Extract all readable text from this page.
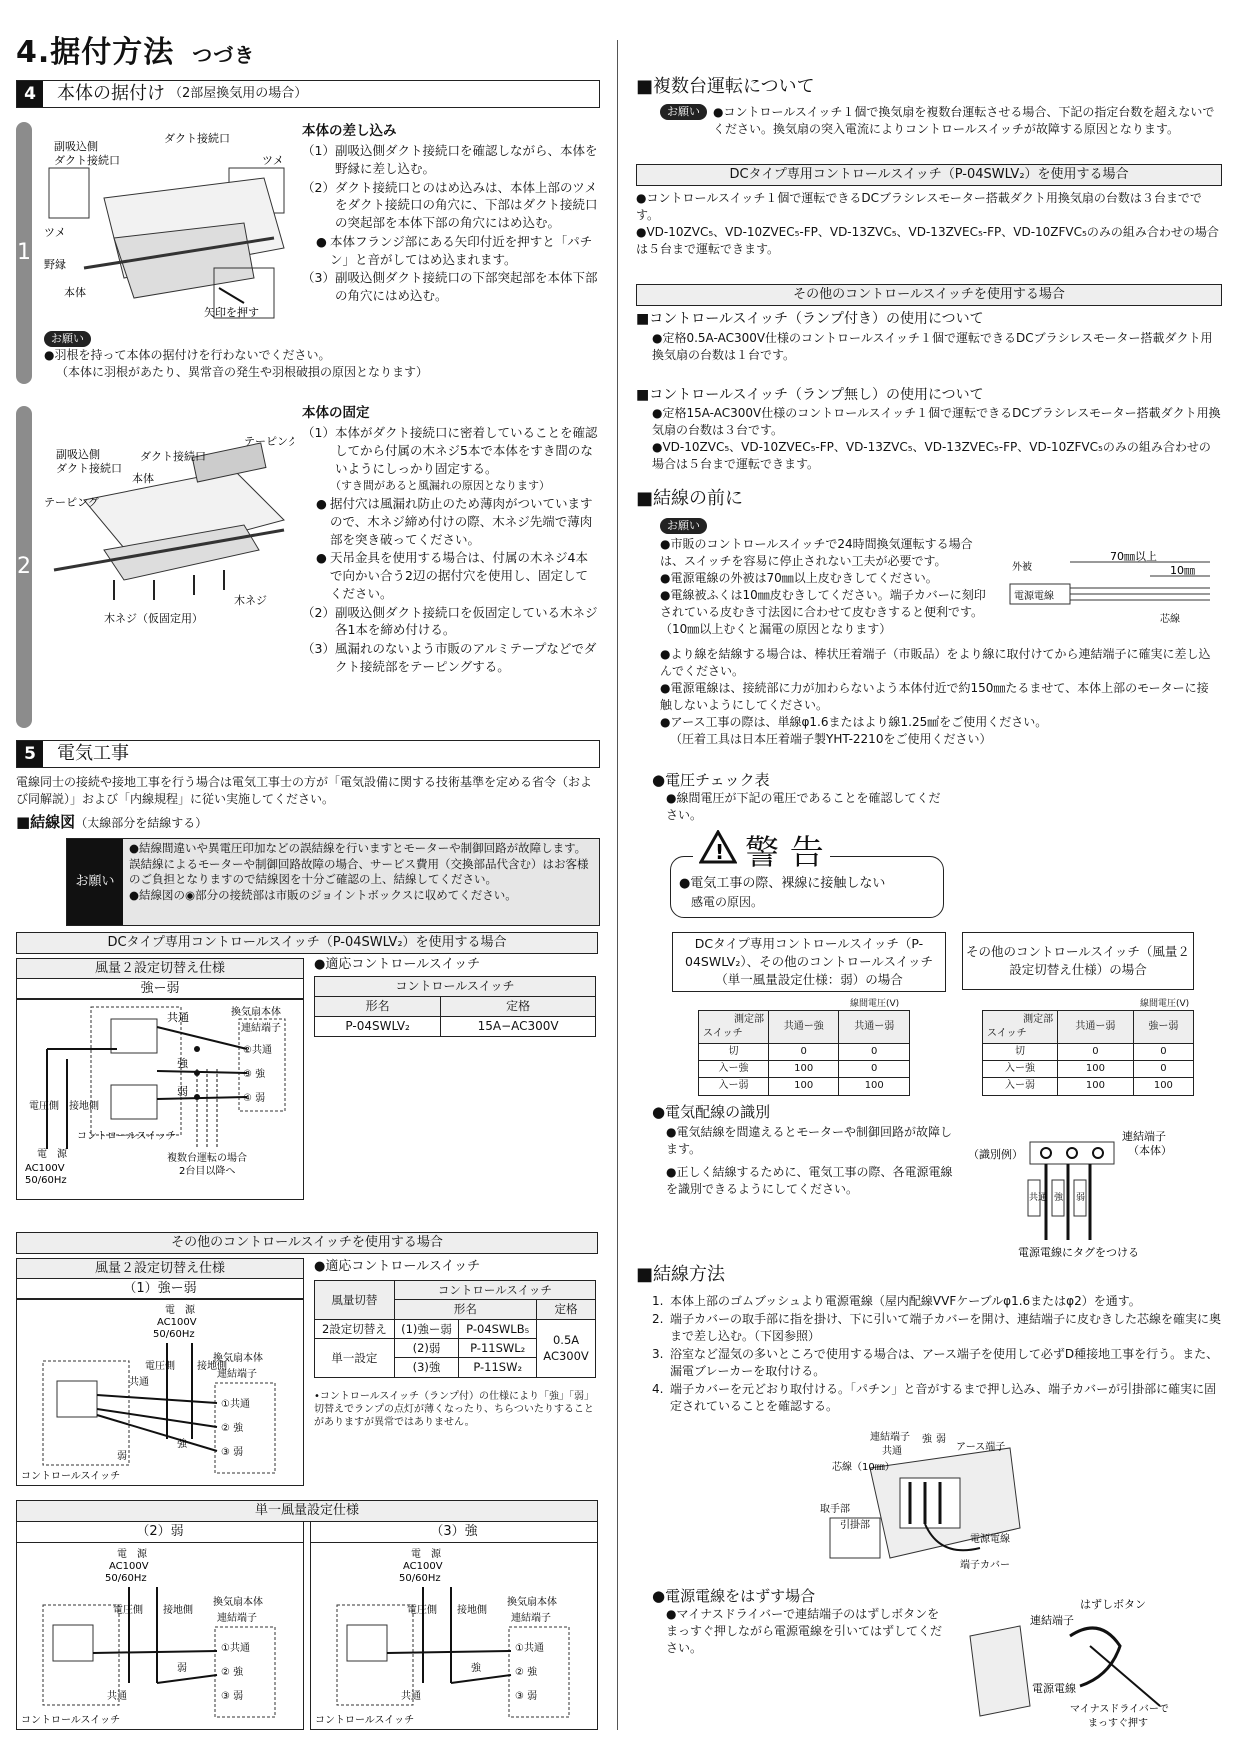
4.据付方法 つづき
4	本体の据付け （2部屋換気用の場合）
1
副吸込側
ダクト接続口
ダクト接続口
ツメ
ツメ
野縁
本体
矢印を押す
本体の差し込み
（1） 副吸込側ダクト接続口を確認しながら、本体を野縁に差し込む。
（2） ダクト接続口とのはめ込みは、本体上部のツメをダクト接続口の角穴に、下部はダクト接続口の突起部を本体下部の角穴にはめ込む。
● 本体フランジ部にある矢印付近を押すと「パチン」と音がしてはめ込まれます。
（3） 副吸込側ダクト接続口の下部突起部を本体下部の角穴にはめ込む。
お願い
●羽根を持って本体の据付けを行わないでください。
（本体に羽根があたり、異常音の発生や羽根破損の原因となります）
2
副吸込側
ダクト接続口
ダクト接続口
本体
テーピング
テーピング
木ネジ
木ネジ（仮固定用）
本体の固定
（1） 本体がダクト接続口に密着していることを確認してから付属の木ネジ5本で本体をすき間のないようにしっかり固定する。
（すき間があると風漏れの原因となります）
● 据付穴は風漏れ防止のため薄肉がついていますので、木ネジ締め付けの際、木ネジ先端で薄肉部を突き破ってください。
● 天吊金具を使用する場合は、付属の木ネジ4本で向かい合う2辺の据付穴を使用し、固定してください。
（2） 副吸込側ダクト接続口を仮固定している木ネジ各1本を締め付ける。
（3） 風漏れのないよう市販のアルミテープなどでダクト接続部をテーピングする。
5	電気工事
電線同士の接続や接地工事を行う場合は電気工事士の方が「電気設備に関する技術基準を定める省令（および同解説）」および「内線規程」に従い実施してください。
■結線図（太線部分を結線する）
お願い
●結線間違いや異電圧印加などの誤結線を行いますとモーターや制御回路が故障します。誤結線によるモーターや制御回路故障の場合、サービス費用（交換部品代含む）はお客様のご負担となりますので結線図を十分ご確認の上、結線してください。
●結線図の◉部分の接続部は市販のジョイントボックスに収めてください。
DCタイプ専用コントロールスイッチ（P-04SWLV₂）を使用する場合
風量２設定切替え仕様
強ー弱
共通
強
弱
換気扇本体
連結端子
②共通
③ 強
④ 弱
電圧側 接地側
コントロールスイッチ
電　源
AC100V
50/60Hz
複数台運転の場合
2台目以降へ
●適応コントロールスイッチ
コントロールスイッチ	
形名	定格
P-04SWLV₂	15A−AC300V
その他のコントロールスイッチを使用する場合
風量２設定切替え仕様
（1）強ー弱
電　源
AC100V
50/60Hz
電圧側 接地側
共通
強
弱
換気扇本体
連結端子
①共通
② 強
③ 弱
コントロールスイッチ
●適応コントロールスイッチ
風量切替	コントロールスイッチ		
	形名		定格
2設定切替え	(1)強ー弱	P-04SWLB₅	0.5A
AC300V
単一設定	(2)弱	P-11SWL₂	
	(3)強	P-11SW₂	
•コントロールスイッチ（ランプ付）の仕様により「強」「弱」切替えでランプの点灯が薄くなったり、ちらついたりすることがありますが異常ではありません。
単一風量設定仕様
（2）弱	（3）強
電　源
AC100V
50/60Hz
電圧側 接地側
共通
弱
換気扇本体
連結端子
①共通
② 強
③ 弱
コントロールスイッチ
電　源
AC100V
50/60Hz
電圧側 接地側
共通
強
換気扇本体
連結端子
①共通
② 強
③ 弱
コントロールスイッチ
■複数台運転について
お願い	●コントロールスイッチ１個で換気扇を複数台運転させる場合、下記の指定台数を超えないでください。換気扇の突入電流によりコントロールスイッチが故障する原因となります。
DCタイプ専用コントロールスイッチ（P-04SWLV₂）を使用する場合
●コントロールスイッチ１個で運転できるDCブラシレスモーター搭載ダクト用換気扇の台数は３台までです。
●VD-10ZVC₅、VD-10ZVEC₅-FP、VD-13ZVC₅、VD-13ZVEC₅-FP、VD-10ZFVC₅のみの組み合わせの場合は５台まで運転できます。
その他のコントロールスイッチを使用する場合
■コントロールスイッチ（ランプ付き）の使用について
●定格0.5A-AC300V仕様のコントロールスイッチ１個で運転できるDCブラシレスモーター搭載ダクト用換気扇の台数は１台です。
■コントロールスイッチ（ランプ無し）の使用について
●定格15A-AC300V仕様のコントロールスイッチ１個で運転できるDCブラシレスモーター搭載ダクト用換気扇の台数は３台です。
●VD-10ZVC₅、VD-10ZVEC₅-FP、VD-13ZVC₅、VD-13ZVEC₅-FP、VD-10ZFVC₅のみの組み合わせの場合は５台まで運転できます。
■結線の前に
お願い
●市販のコントロールスイッチで24時間換気運転する場合は、スイッチを容易に停止されない工夫が必要です。
●電源電線の外被は70㎜以上皮むきしてください。
●電線被ふくは10㎜皮むきしてください。端子カバーに刻印されている皮むき寸法図に合わせて皮むきすると便利です。（10㎜以上むくと漏電の原因となります）
外被
70㎜以上
10㎜
電源電線
芯線
●より線を結線する場合は、棒状圧着端子（市販品）をより線に取付けてから連結端子に確実に差し込んでください。
●電源電線は、接続部に力が加わらないよう本体付近で約150㎜たるませて、本体上部のモーターに接触しないようにしてください。
●アース工事の際は、単線φ1.6またはより線1.25㎟をご使用ください。
（圧着工具は日本圧着端子製YHT-2210をご使用ください）
●電圧チェック表
●線間電圧が下記の電圧であることを確認してください。
! 警 告
●電気工事の際、裸線に接触しない
感電の原因。
DCタイプ専用コントロールスイッチ（P-04SWLV₂）、その他のコントロールスイッチ（単一風量設定仕様：弱）の場合
その他のコントロールスイッチ（風量２設定切替え仕様）の場合
線間電圧(V)
測定部
スイッチ	共通ー強	共通ー弱
切	0	0
入ー強	100	0
入ー弱	100	100
線間電圧(V)
測定部
スイッチ	共通ー弱	強ー弱
切	0	0
入ー強	100	0
入ー弱	100	100
●電気配線の識別
●電気結線を間違えるとモーターや制御回路が故障します。
●正しく結線するために、電気工事の際、各電源電線を識別できるようにしてください。
（識別例）
連結端子
（本体）
共通 強 弱
電源電線にタグをつける
■結線方法
1. 本体上部のゴムブッシュより電源電線（屋内配線VVFケーブルφ1.6またはφ2）を通す。
2. 端子カバーの取手部に指を掛け、下に引いて端子カバーを開け、連結端子に皮むきした芯線を確実に奥まで差し込む。（下図参照）
3. 浴室など湿気の多いところで使用する場合は、アース端子を使用して必ずD種接地工事を行う。また、漏電ブレーカーを取付ける。
4. 端子カバーを元どおり取付ける。「パチン」と音がするまで押し込み、端子カバーが引掛部に確実に固定されていることを確認する。
連結端子
共通
強 弱
アース端子
芯線（10㎜）
取手部
引掛部
電源電線
端子カバー
●電源電線をはずす場合
●マイナスドライバーで連結端子のはずしボタンをまっすぐ押しながら電源電線を引いてはずしてください。
はずしボタン
連結端子
電源電線
マイナスドライバーで
まっすぐ押す
